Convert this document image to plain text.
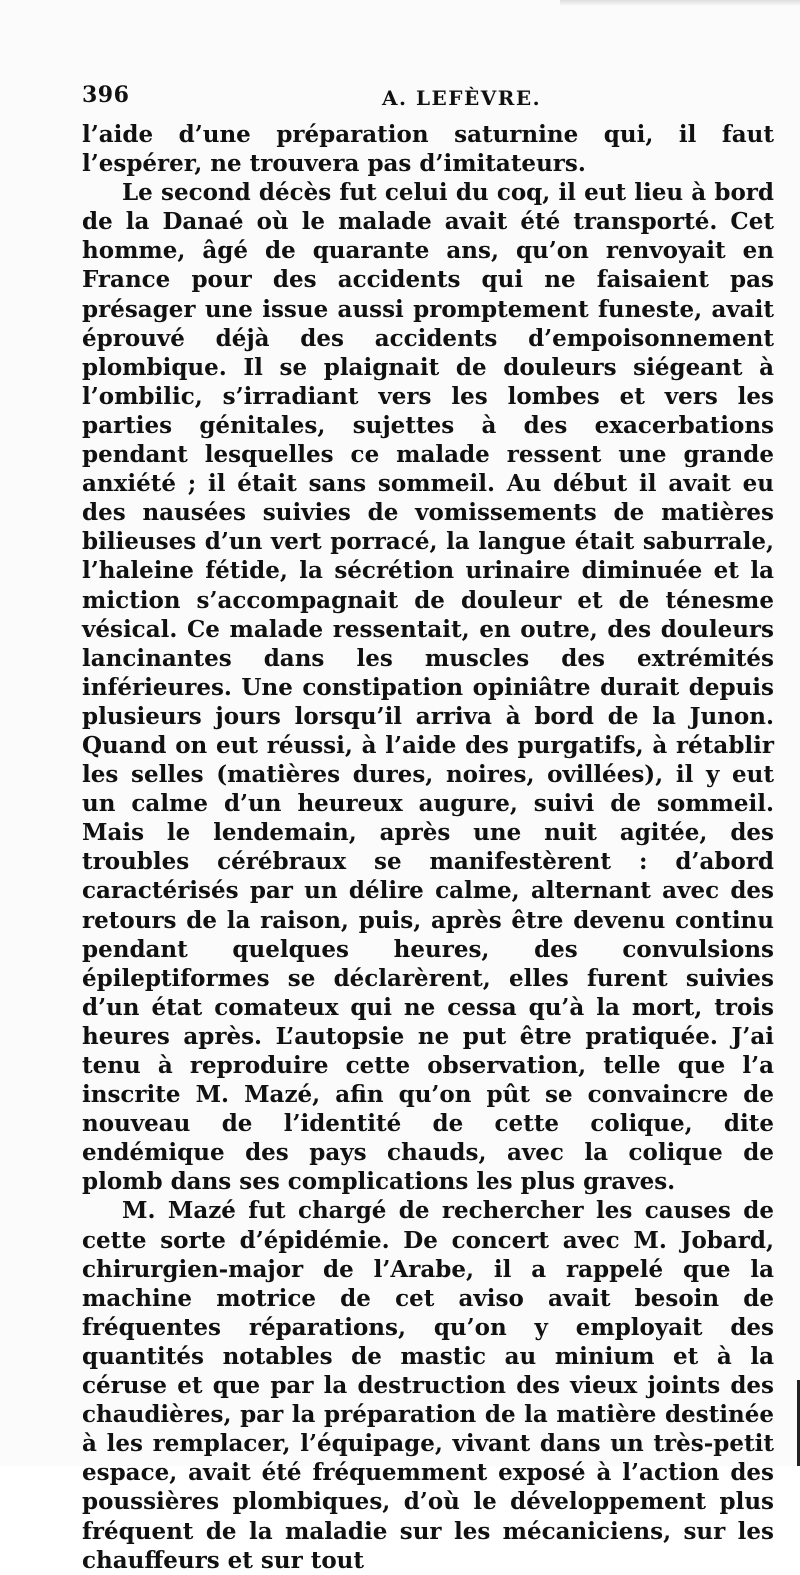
396	A. LEFÈVRE.

l’aide d’une préparation saturnine qui, il faut l’espérer, ne trouvera pas d’imitateurs.

Le second décès fut celui du coq, il eut lieu à bord de la Danaé où le malade avait été transporté. Cet homme, âgé de quarante ans, qu’on renvoyait en France pour des accidents qui ne faisaient pas présager une issue aussi promptement funeste, avait éprouvé déjà des accidents d’empoisonnement plombique. Il se plaignait de douleurs siégeant à l’ombilic, s’irradiant vers les lombes et vers les parties génitales, sujettes à des exacerbations pendant lesquelles ce malade ressent une grande anxiété ; il était sans sommeil. Au début il avait eu des nausées suivies de vomissements de matières bilieuses d’un vert porracé, la langue était saburrale, l’haleine fétide, la sécrétion urinaire diminuée et la miction s’accompagnait de douleur et de ténesme vésical. Ce malade ressentait, en outre, des douleurs lancinantes dans les muscles des extrémités inférieures. Une constipation opiniâtre durait depuis plusieurs jours lorsqu’il arriva à bord de la Junon. Quand on eut réussi, à l’aide des purgatifs, à rétablir les selles (matières dures, noires, ovillées), il y eut un calme d’un heureux augure, suivi de sommeil. Mais le lendemain, après une nuit agitée, des troubles cérébraux se manifestèrent : d’abord caractérisés par un délire calme, alternant avec des retours de la raison, puis, après être devenu continu pendant quelques heures, des convulsions épileptiformes se déclarèrent, elles furent suivies d’un état comateux qui ne cessa qu’à la mort, trois heures après. L’autopsie ne put être pratiquée. J’ai tenu à reproduire cette observation, telle que l’a inscrite M. Mazé, afin qu’on pût se convaincre de nouveau de l’identité de cette colique, dite endémique des pays chauds, avec la colique de plomb dans ses complications les plus graves.

M. Mazé fut chargé de rechercher les causes de cette sorte d’épidémie. De concert avec M. Jobard, chirurgien-major de l’Arabe, il a rappelé que la machine motrice de cet aviso avait besoin de fréquentes réparations, qu’on y employait des quantités notables de mastic au minium et à la céruse et que par la destruction des vieux joints des chaudières, par la préparation de la matière destinée à les remplacer, l’équipage, vivant dans un très-petit espace, avait été fréquemment exposé à l’action des poussières plombiques, d’où le développement plus fréquent de la maladie sur les mécaniciens, sur les chauffeurs et sur tout
